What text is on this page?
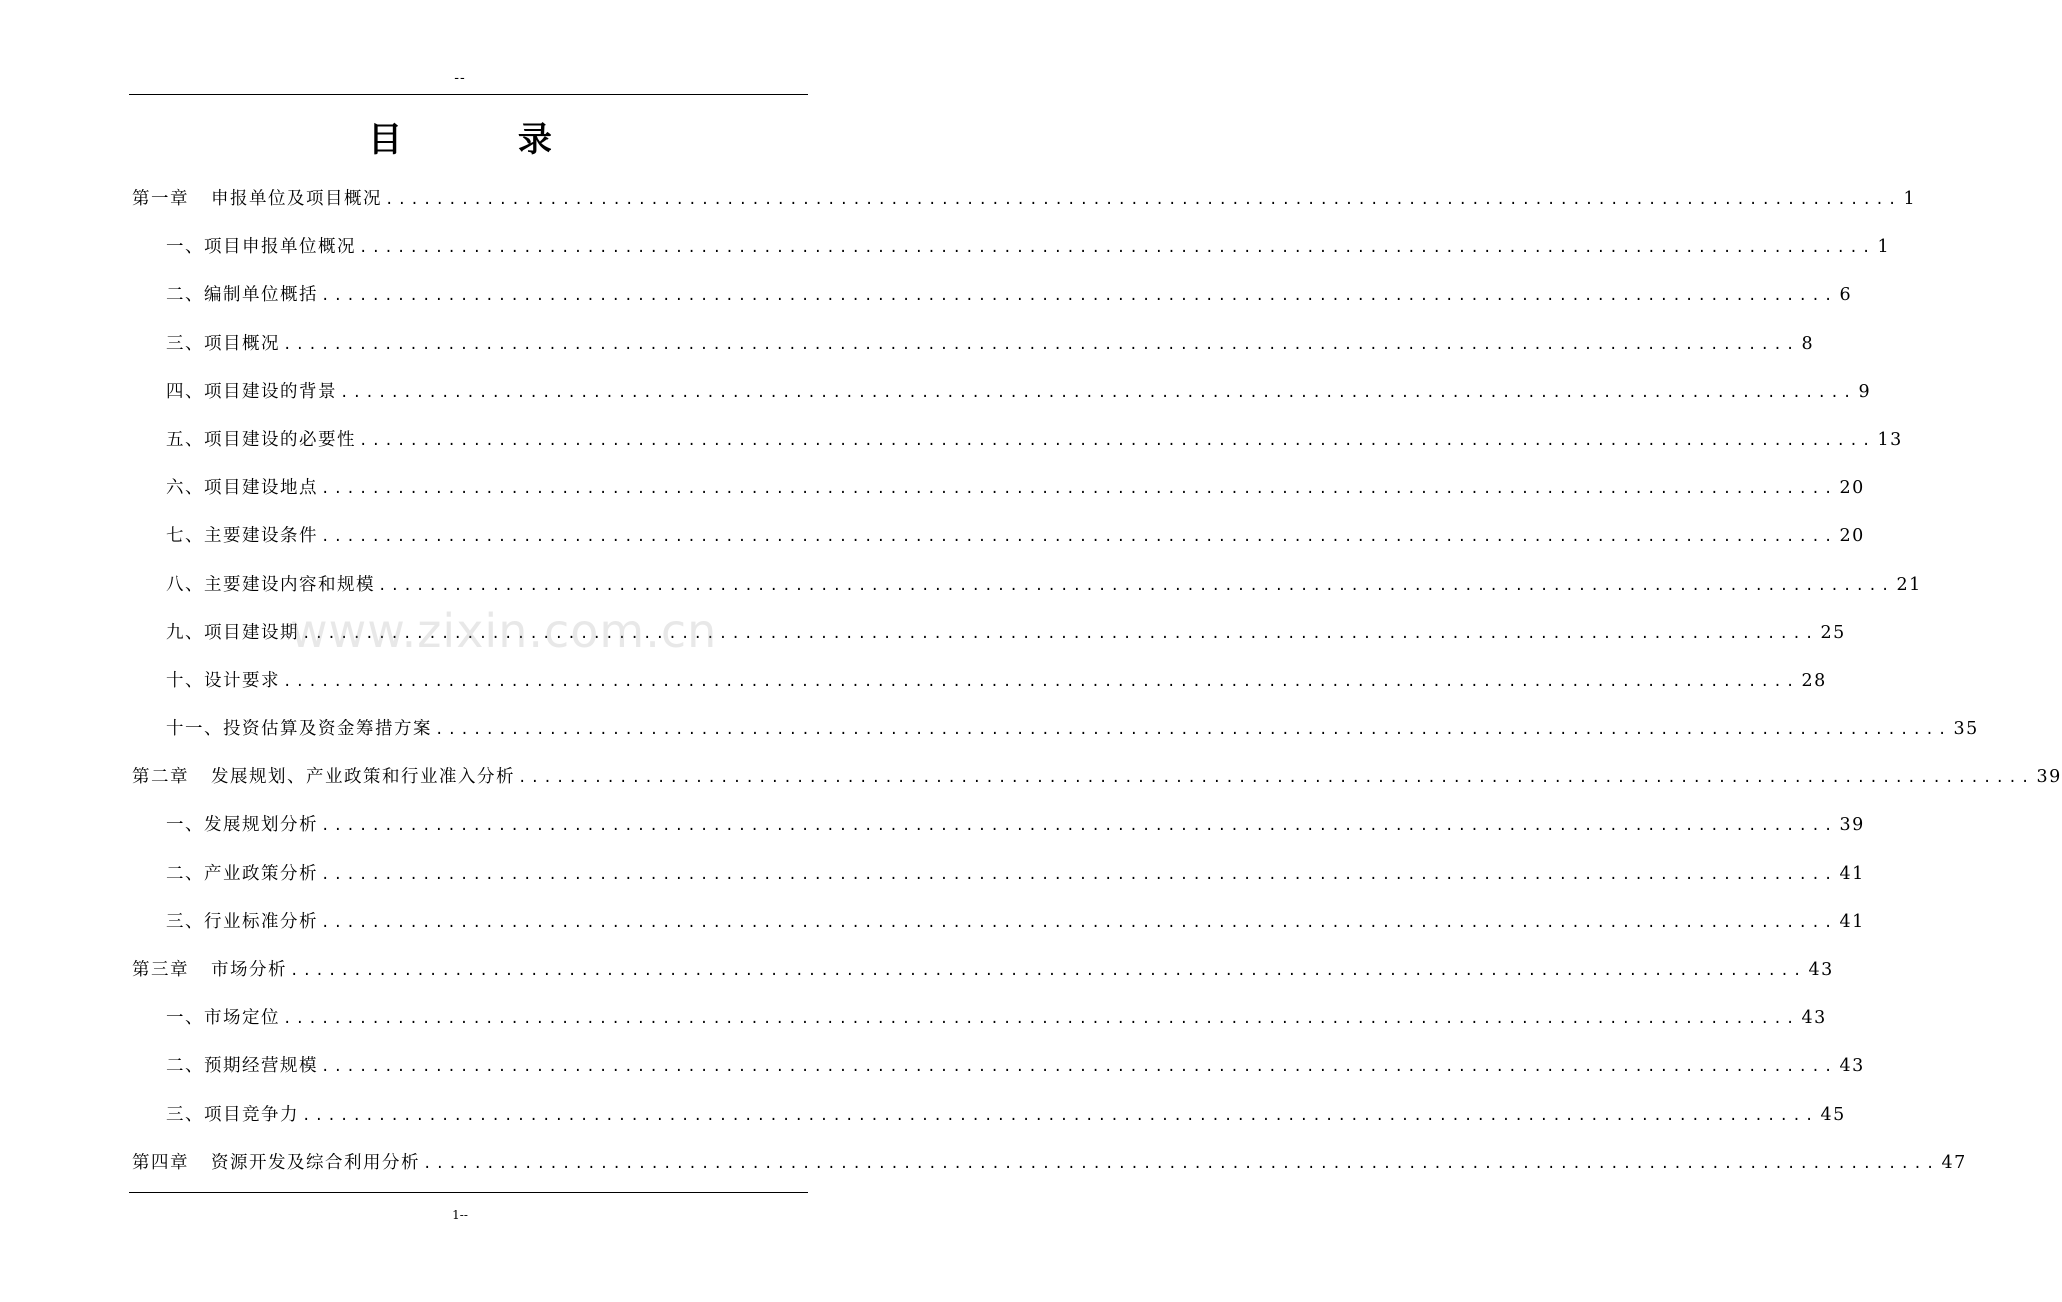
--
目 录
第一章 申报单位及项目概况 ........................................................................................................................ 1
一、项目申报单位概况 ........................................................................................................................ 1
二、编制单位概括 ........................................................................................................................ 6
三、项目概况 ........................................................................................................................ 8
四、项目建设的背景 ........................................................................................................................ 9
五、项目建设的必要性 ........................................................................................................................ 13
六、项目建设地点 ........................................................................................................................ 20
七、主要建设条件 ........................................................................................................................ 20
八、主要建设内容和规模 ........................................................................................................................ 21
九、项目建设期 ........................................................................................................................ 25
十、设计要求 ........................................................................................................................ 28
十一、投资估算及资金筹措方案 ........................................................................................................................ 35
第二章 发展规划、产业政策和行业准入分析 ........................................................................................................................ 39
一、发展规划分析 ........................................................................................................................ 39
二、产业政策分析 ........................................................................................................................ 41
三、行业标准分析 ........................................................................................................................ 41
第三章 市场分析 ........................................................................................................................ 43
一、市场定位 ........................................................................................................................ 43
二、预期经营规模 ........................................................................................................................ 43
三、项目竞争力 ........................................................................................................................ 45
第四章 资源开发及综合利用分析 ........................................................................................................................ 47
www.zixin.com.cn
1--
